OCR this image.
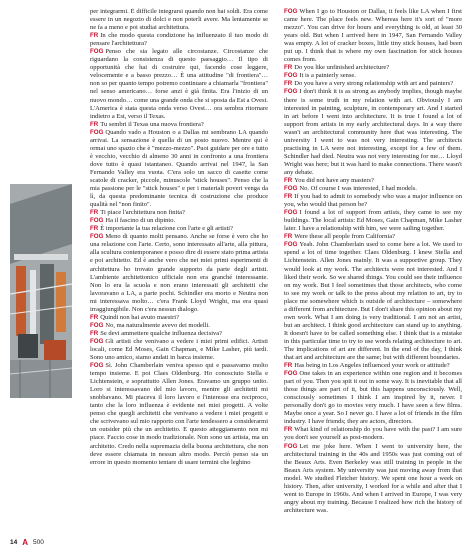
per integrarmi. È difficile integrarsi quando non hai soldi. Era come essere in un negozio di dolci e non poterli avere. Ma lentamente se ne fa a meno e poi studiai architettura.

FR In che modo questa condizione ha influenzato il tuo modo di pensare l'architettura?

FOG Penso che sia legato alle circostanze. Circostanze che riguardano la consistenza di questo paesaggio… Il tipo di opportunità che hai di costruire qui, facendo cose leggere, velocemente e a basso prezzo… È una attitudine "di frontiera"… non so per quanto tempo potremo continuare a chiamarla "frontiera" nel senso americano… forse anzi è già finita. Era l'inizio di un nuovo mondo… come una grande onda che si sposta da Est a Ovest. L'America è stata questa onda verso Ovest… ora sembra ritornare indietro a Est, verso il Texas.

FR Tu sembri il Texas una nuova frontiera?

FOG Quando vado a Houston o a Dallas mi sembrano LA quando arrivai. La sensazione è quella di un posto nuovo. Mentre qui è ormai uno spazio che è "mezzo-mezzo". Puoi guidare per ore e tutto è vecchio, vecchio di almeno 30 anni in confronto a una frontiera dove tutto è quasi istantaneo. Quando arrivai nel 1947, la San Fernando Valley era vuota. C'era solo un sacco di casette come scatole di cracker, piccole, minuscole "stick houses". Penso che la mia passione per le "stick houses" e per i materiali poveri venga da lì, da questa predominante tecnica di costruzione che produce qualità nel "non finito".

FR Ti piace l'architettura non finita?

FOG Ha il fascino di un dipinto.

FR È importante la tua relazione con l'arte e gli artisti?

FOG Meno di quanto molti pensano. Anche se forse è vero che ho una relazione con l'arte. Certo, sono interessato all'arte, alla pittura, alla scultura contemporanee e posso dire di essere stato prima artista e poi architetto. Ed è anche vero che nei miei primi esperimenti di architettura ho trovato grande supporto da parte degli artisti. L'ambiente architettonico ufficiale non era granché interessante. Non lo era la scuola e non erano interessati gli architetti che lavoravano a LA, a parte pochi. Schindler era morto e Neutra non mi interessava molto… c'era Frank Lloyd Wright, ma era quasi irraggiungibile. Non c'era nessun dialogo.

FR Quindi non hai avuto maestri?

FOG No, ma naturalmente avevo dei modelli.

FR Se devi ammettere qualche influenza decisiva?

FOG Gli artisti che venivano a vedere i miei primi edifici. Artisti locali, come Ed Moses, Gain Chapman, e Mike Lasher, più tardi. Sono uno amico, siamo andati in barca insieme.

FOG Sì. John Chamberlain veniva spesso qui e passavamo molto tempo insieme. E poi Claes Oldenburg. Ho conosciuto Stella e Lichtenstein, e soprattutto Allen Jones. Eravamo un gruppo unito. Loro si interessavano del mio lavoro, mentre gli architetti mi snobbavano. Mi piaceva il loro lavoro e l'interesse era reciproco, tanto che la loro influenza è evidente nei miei progetti. A volte penso che quegli architetti che venivano a vedere i miei progetti e che scrivevano sul mio rapporto con l'arte tendessero a considerarmi un outsider più che un architetto. E questo atteggiamento non mi piace. Faccio cose in modo tradizionale. Non sono un artista, ma un architetto. Credo nella supremazia della buona architettura, che non deve essere chiamata in nessun altro modo. Perciò penso sia un errore in questo momento tentare di usare termini che leghino

FOG When I go to Houston or Dallas, it feels like LA when I first came here. The place feels new. Whereas here it's sort of "more mezzo". You can drive for hours and everything is old, at least 30 years old. But when I arrived here in 1947, San Fernando Valley was empty. A lot of cracker boxes, little tiny stick houses, had been put up. I think that is where my own fascination for stick houses comes from.

FR Do you like unfinished architecture?

FOG It is a painterly sense.

FR Do you have a very strong relationship with art and painters?

FOG I don't think it is as strong as anybody implies, though maybe there is some truth in my relation with art. Obviously I am interested in painting, sculpture, in contemporary art. And I started in art before I went into architecture. It is true I found a lot of support from artists in my early architectural days. In a way there wasn't an architectural community here that was interesting. The university I went to was not very interesting. The architects practising in LA were not interesting, except for a few of them. Schindler had died. Neutra was not very interesting for me… Lloyd Wright was here; but it was hard to make connections. There wasn't any debate.

FR You did not have any masters?

FOG No. Of course I was interested, I had models.

FR If you had to admit to somebody who was a major influence on you, who would that person be?

FOG I found a lot of support from artists, they came to see my buildings. The local artists: Ed Moses, Gain Chapman, Mike Lasher later. I have a relationship with him, we were sailing together.

FR Were these all people from California?

FOG Yeah. John Chamberlain used to come here a lot. We used to spend a lot of time together. Claes Oldenburg. I knew Stella and Lichtenstein. Allen Jones mainly. It was a supportive group. They would look at my work. The architects were not interested. And I liked their work. So we shared things. You could see their influence on my work. But I feel sometimes that those architects, who come to see my work or talk to the press about my relation to art, try to place me somewhere which is outside of architecture – somewhere a different from architecture. But I don't share this opinion about my own work. What I am doing is very traditional. I am not an artist, but an architect. I think good architecture can stand up to anything. It doesn't have to be called something else. I think that is a mistake in this particular time to try to use words relating architecture to art. The implications of art are different. In the end of the day, I think that art and architecture are the same; but with different boundaries.

FR Has being in Los Angeles influenced your work or attitude?

FOG One takes in an experience within one region and it becomes part of you. Then you spit it out in some way. It is inevitable that all those things are part of it, but this happens unconsciously. Well, consciously sometimes I think I am inspired by it, never. I personally don't go to movies very much. I have seen a few films. Maybe once a year. So I never go. I have a lot of friends in the film industry. I have friends; they are actors, directors.

FR What kind of relationship do you have with the past? I am sure you don't see yourself as post-modern.

FOG Let me joke here. When I went to university here, the architectural training in the 40s and 1950s was just coming out of the Beaux Arts. Even Berkeley was still training in people in the Beaux Arts system. My university was just moving away from that model. We studied Fletcher history. We spent one hour a week on history. Then, after university, I worked for a while and after that I went to Europe in 1960s. And when I arrived in Europe, I was very angry about my training. Because I realized how rich the history of architecture was.

14 A 500
